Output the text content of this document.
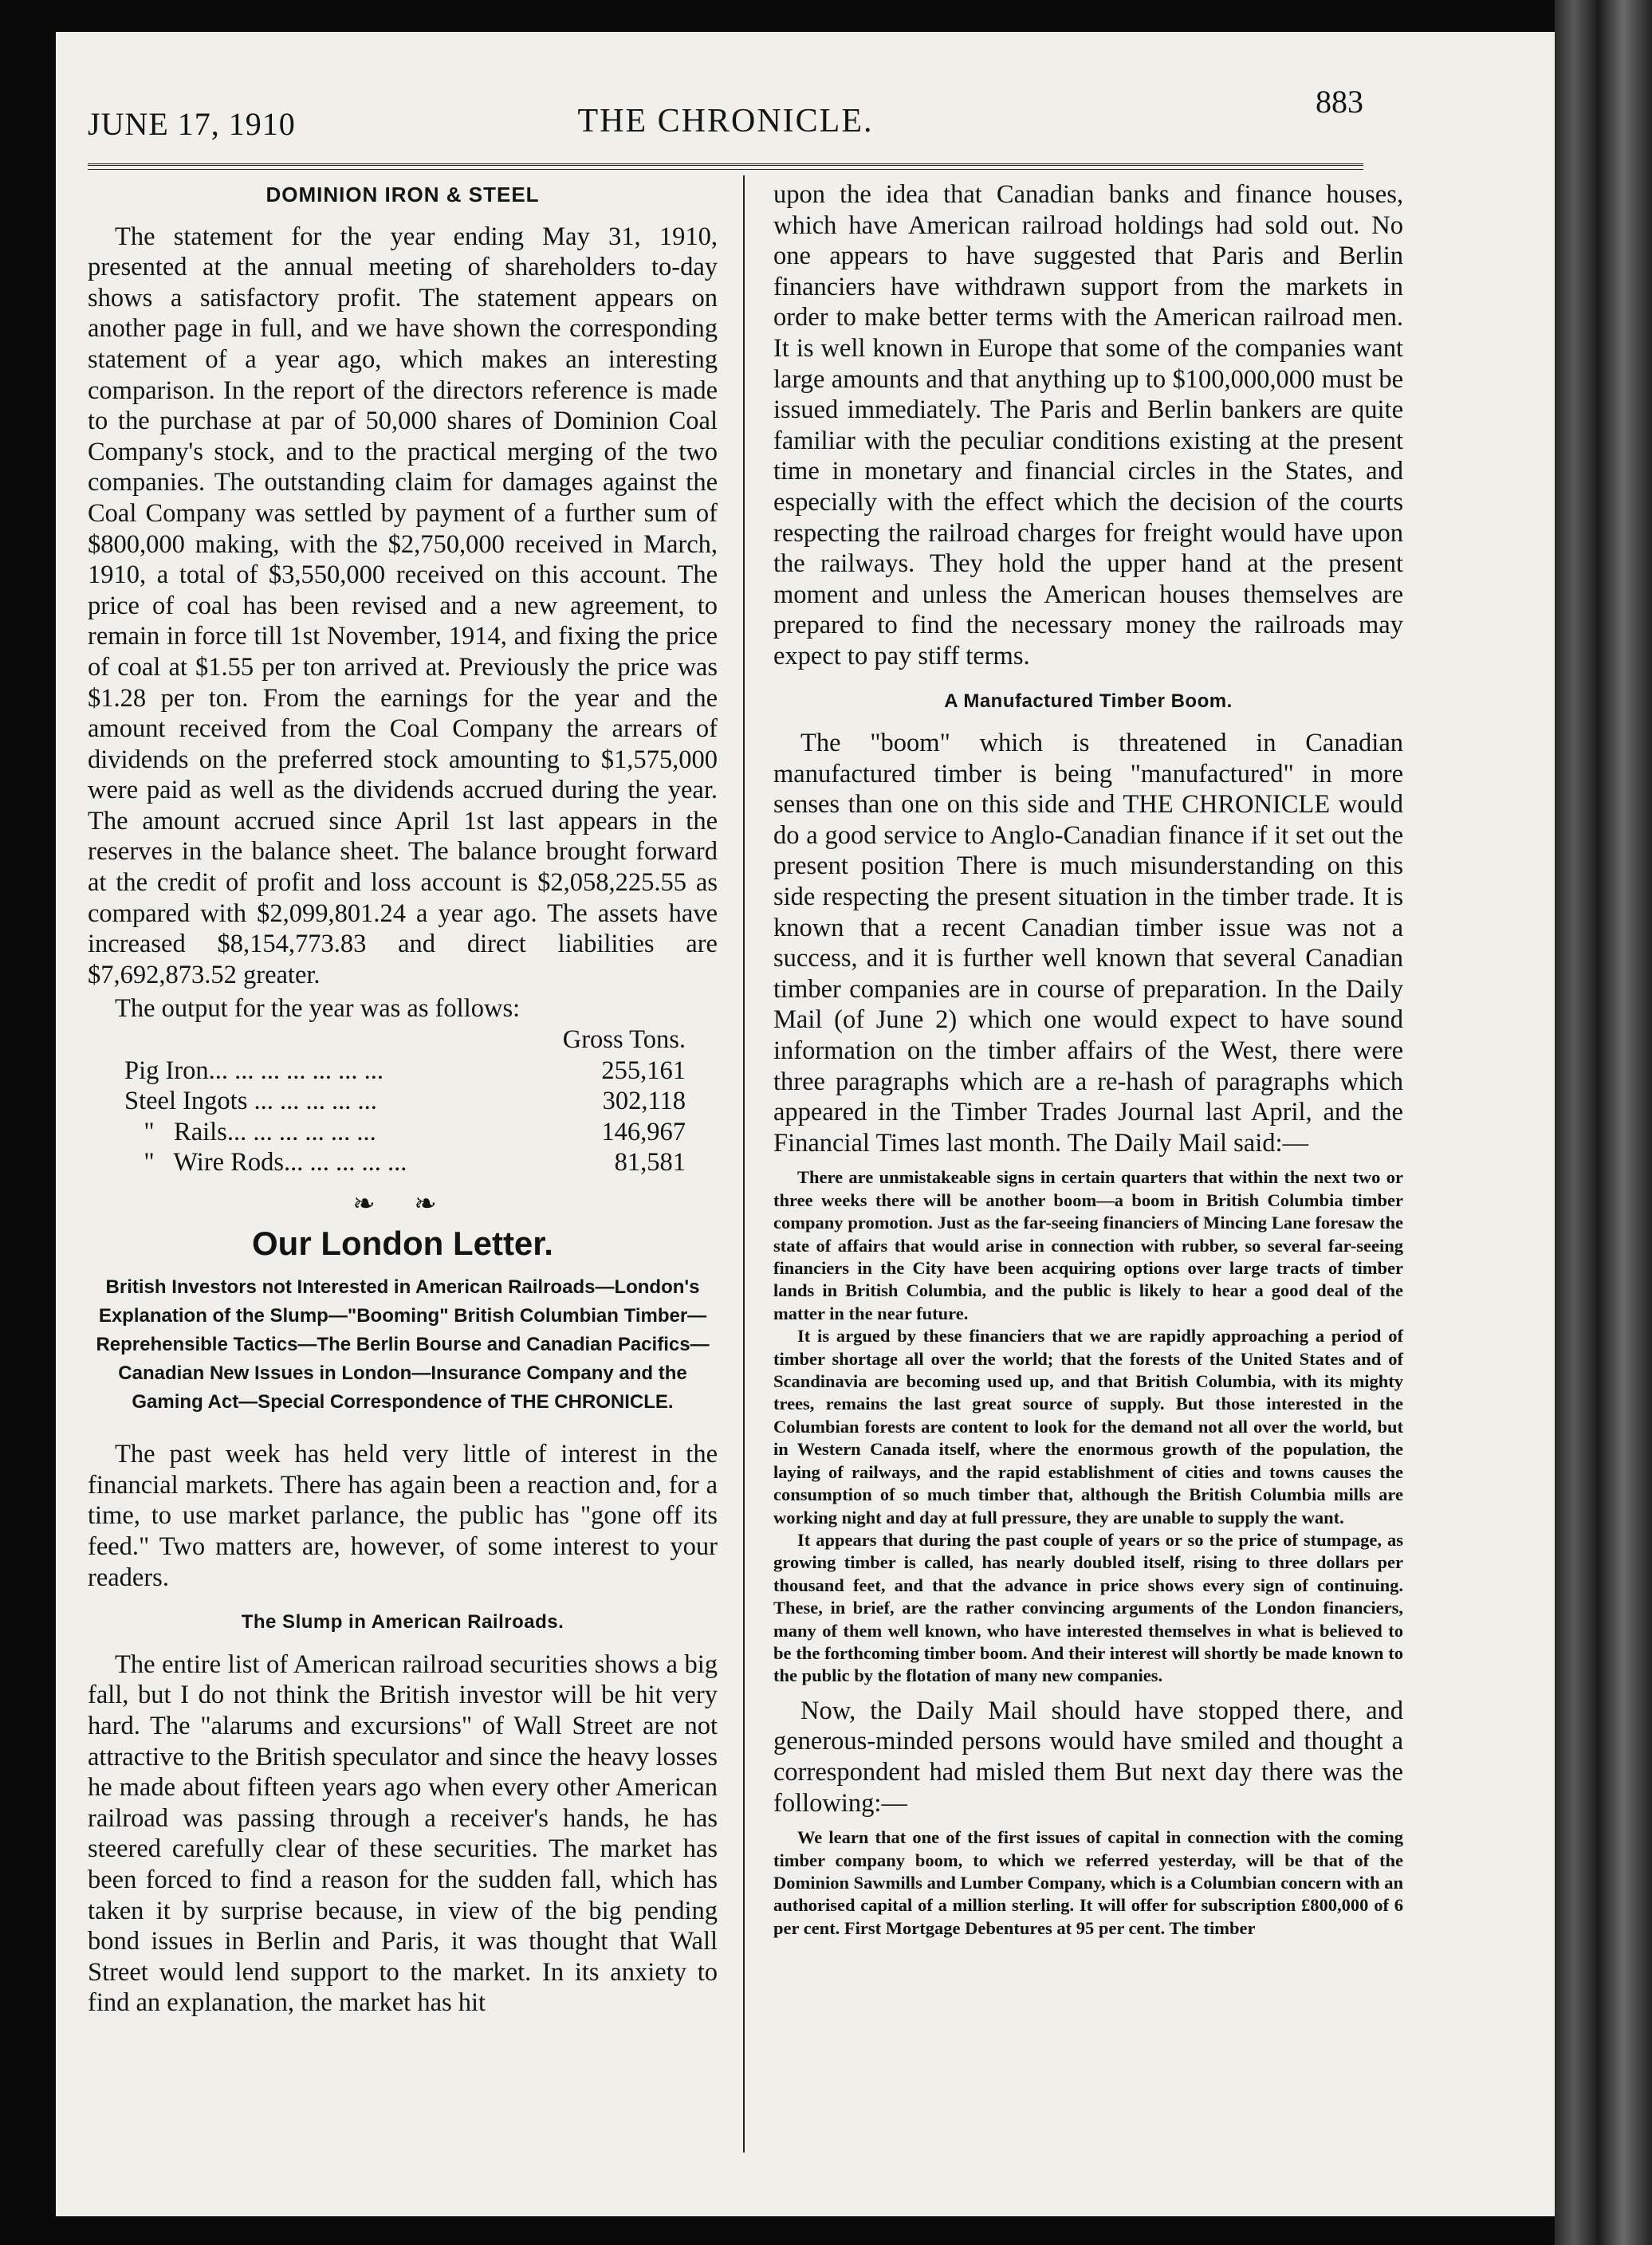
JUNE 17, 1910	THE CHRONICLE.
883
DOMINION IRON & STEEL

The statement for the year ending May 31, 1910, presented at the annual meeting of shareholders to-day shows a satisfactory profit. The statement appears on another page in full, and we have shown the corresponding statement of a year ago, which makes an interesting comparison. In the report of the directors reference is made to the purchase at par of 50,000 shares of Dominion Coal Company's stock, and to the practical merging of the two companies. The outstanding claim for damages against the Coal Company was settled by payment of a further sum of $800,000 making, with the $2,750,000 received in March, 1910, a total of $3,550,000 received on this account. The price of coal has been revised and a new agreement, to remain in force till 1st November, 1914, and fixing the price of coal at $1.55 per ton arrived at. Previously the price was $1.28 per ton. From the earnings for the year and the amount received from the Coal Company the arrears of dividends on the preferred stock amounting to $1,575,000 were paid as well as the dividends accrued during the year. The amount accrued since April 1st last appears in the reserves in the balance sheet. The balance brought forward at the credit of profit and loss account is $2,058,225.55 as compared with $2,099,801.24 a year ago. The assets have increased $8,154,773.83 and direct liabilities are $7,692,873.52 greater.

The output for the year was as follows:
Gross Tons.
Pig Iron... ... ... ... ... ... ...	255,161
Steel Ingots ... ... ... ... ...	302,118
"   Rails... ... ... ... ... ...	146,967
"   Wire Rods... ... ... ... ...	81,581
❧ ❧
Our London Letter.
British Investors not Interested in American Railroads—London's Explanation of the Slump—"Booming" British Columbian Timber—Reprehensible Tactics—The Berlin Bourse and Canadian Pacifics—Canadian New Issues in London—Insurance Company and the Gaming Act—Special Correspondence of THE CHRONICLE.

The past week has held very little of interest in the financial markets. There has again been a reaction and, for a time, to use market parlance, the public has "gone off its feed." Two matters are, however, of some interest to your readers.

The Slump in American Railroads.

The entire list of American railroad securities shows a big fall, but I do not think the British investor will be hit very hard. The "alarums and excursions" of Wall Street are not attractive to the British speculator and since the heavy losses he made about fifteen years ago when every other American railroad was passing through a receiver's hands, he has steered carefully clear of these securities. The market has been forced to find a reason for the sudden fall, which has taken it by surprise because, in view of the big pending bond issues in Berlin and Paris, it was thought that Wall Street would lend support to the market. In its anxiety to find an explanation, the market has hit

upon the idea that Canadian banks and finance houses, which have American railroad holdings had sold out. No one appears to have suggested that Paris and Berlin financiers have withdrawn support from the markets in order to make better terms with the American railroad men. It is well known in Europe that some of the companies want large amounts and that anything up to $100,000,000 must be issued immediately. The Paris and Berlin bankers are quite familiar with the peculiar conditions existing at the present time in monetary and financial circles in the States, and especially with the effect which the decision of the courts respecting the railroad charges for freight would have upon the railways. They hold the upper hand at the present moment and unless the American houses themselves are prepared to find the necessary money the railroads may expect to pay stiff terms.

A Manufactured Timber Boom.

The "boom" which is threatened in Canadian manufactured timber is being "manufactured" in more senses than one on this side and THE CHRONICLE would do a good service to Anglo-Canadian finance if it set out the present position There is much misunderstanding on this side respecting the present situation in the timber trade. It is known that a recent Canadian timber issue was not a success, and it is further well known that several Canadian timber companies are in course of preparation. In the Daily Mail (of June 2) which one would expect to have sound information on the timber affairs of the West, there were three paragraphs which are a re-hash of paragraphs which appeared in the Timber Trades Journal last April, and the Financial Times last month. The Daily Mail said:—

There are unmistakeable signs in certain quarters that within the next two or three weeks there will be another boom—a boom in British Columbia timber company promotion. Just as the far-seeing financiers of Mincing Lane foresaw the state of affairs that would arise in connection with rubber, so several far-seeing financiers in the City have been acquiring options over large tracts of timber lands in British Columbia, and the public is likely to hear a good deal of the matter in the near future.

It is argued by these financiers that we are rapidly approaching a period of timber shortage all over the world; that the forests of the United States and of Scandinavia are becoming used up, and that British Columbia, with its mighty trees, remains the last great source of supply. But those interested in the Columbian forests are content to look for the demand not all over the world, but in Western Canada itself, where the enormous growth of the population, the laying of railways, and the rapid establishment of cities and towns causes the consumption of so much timber that, although the British Columbia mills are working night and day at full pressure, they are unable to supply the want.

It appears that during the past couple of years or so the price of stumpage, as growing timber is called, has nearly doubled itself, rising to three dollars per thousand feet, and that the advance in price shows every sign of continuing. These, in brief, are the rather convincing arguments of the London financiers, many of them well known, who have interested themselves in what is believed to be the forthcoming timber boom. And their interest will shortly be made known to the public by the flotation of many new companies.

Now, the Daily Mail should have stopped there, and generous-minded persons would have smiled and thought a correspondent had misled them But next day there was the following:—

We learn that one of the first issues of capital in connection with the coming timber company boom, to which we referred yesterday, will be that of the Dominion Sawmills and Lumber Company, which is a Columbian concern with an authorised capital of a million sterling. It will offer for subscription £800,000 of 6 per cent. First Mortgage Debentures at 95 per cent. The timber
